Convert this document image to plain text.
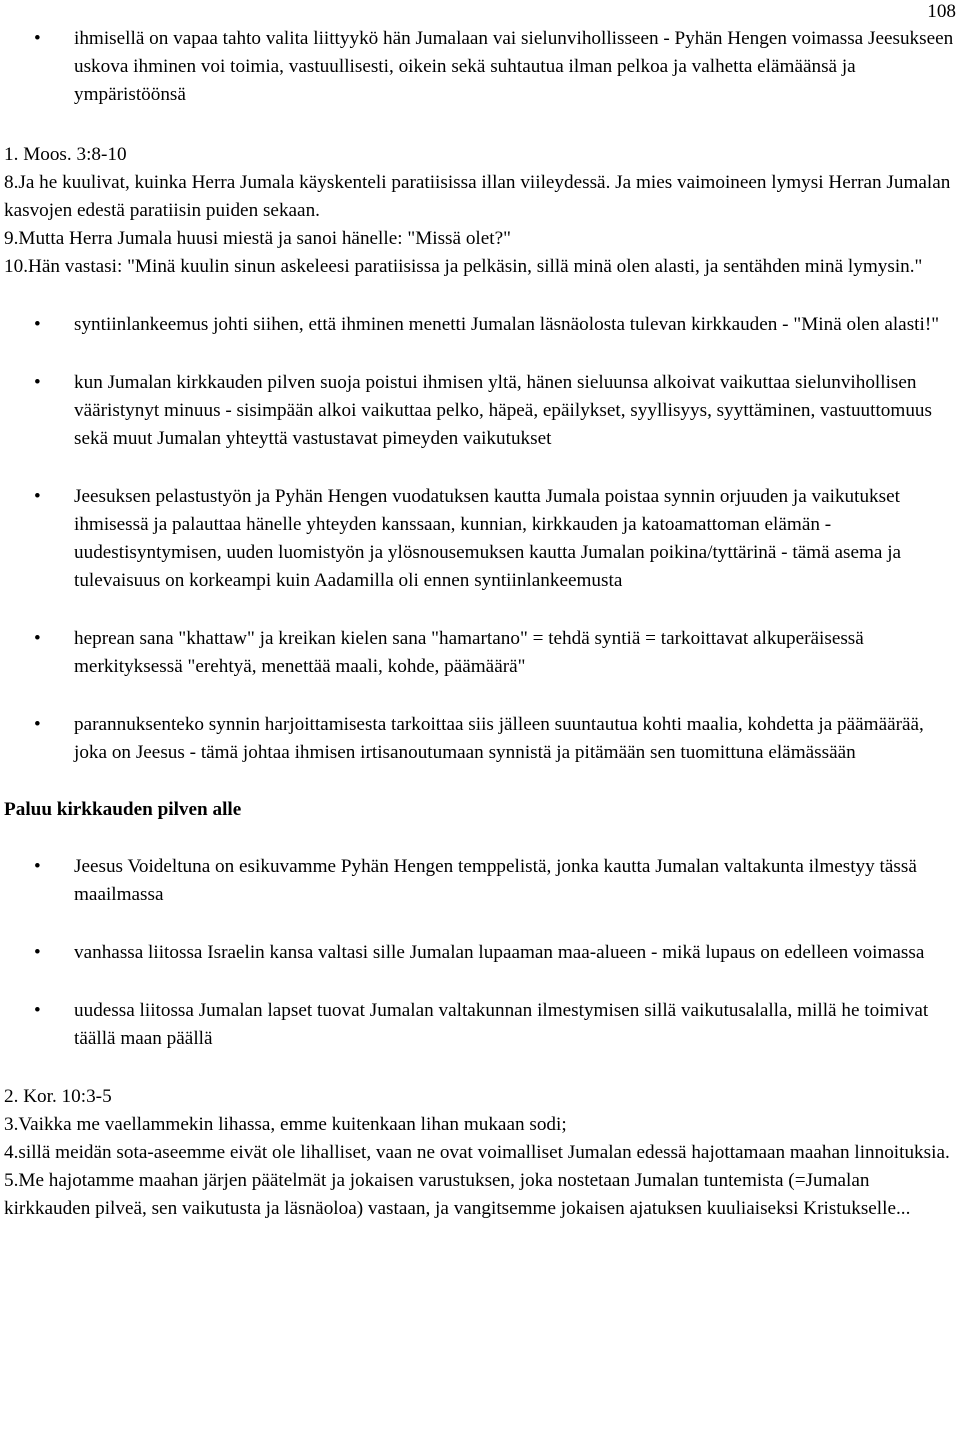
108
• ihmisellä on vapaa tahto valita liittyykö hän Jumalaan vai sielunvihollisseen - Pyhän Hengen voimassa Jeesukseen uskova ihminen voi toimia, vastuullisesti, oikein sekä suhtautua ilman pelkoa ja valhetta elämäänsä ja ympäristöönsä

1. Moos. 3:8-10

8.Ja he kuulivat, kuinka Herra Jumala käyskenteli paratiisissa illan viileydessä. Ja mies vaimoineen lymysi Herran Jumalan kasvojen edestä paratiisin puiden sekaan.

9.Mutta Herra Jumala huusi miestä ja sanoi hänelle: "Missä olet?"

10.Hän vastasi: "Minä kuulin sinun askeleesi paratiisissa ja pelkäsin, sillä minä olen alasti, ja sentähden minä lymysin."

• syntiinlankeemus johti siihen, että ihminen menetti Jumalan läsnäolosta tulevan kirkkauden - "Minä olen alasti!"
• kun Jumalan kirkkauden pilven suoja poistui ihmisen yltä, hänen sieluunsa alkoivat vaikuttaa sielunvihollisen vääristynyt minuus - sisimpään alkoi vaikuttaa pelko, häpeä, epäilykset, syyllisyys, syyttäminen, vastuuttomuus sekä muut Jumalan yhteyttä vastustavat pimeyden vaikutukset
• Jeesuksen pelastustyön ja Pyhän Hengen vuodatuksen kautta Jumala poistaa synnin orjuuden ja vaikutukset ihmisessä ja palauttaa hänelle yhteyden kanssaan, kunnian, kirkkauden ja katoamattoman elämän - uudestisyntymisen, uuden luomistyön ja ylösnousemuksen kautta Jumalan poikina/tyttärinä - tämä asema ja tulevaisuus on korkeampi kuin Aadamilla oli ennen syntiinlankeemusta
• heprean sana "khattaw" ja kreikan kielen sana "hamartano" = tehdä syntiä = tarkoittavat alkuperäisessä merkityksessä "erehtyä, menettää maali, kohde, päämäärä"
• parannuksenteko synnin harjoittamisesta tarkoittaa siis jälleen suuntautua kohti maalia, kohdetta ja päämäärää, joka on Jeesus - tämä johtaa ihmisen irtisanoutumaan synnistä ja pitämään sen tuomittuna elämässään

Paluu kirkkauden pilven alle

• Jeesus Voideltuna on esikuvamme Pyhän Hengen temppelistä, jonka kautta Jumalan valtakunta ilmestyy tässä maailmassa
• vanhassa liitossa Israelin kansa valtasi sille Jumalan lupaaman maa-alueen - mikä lupaus on edelleen voimassa
• uudessa liitossa Jumalan lapset tuovat Jumalan valtakunnan ilmestymisen sillä vaikutusalalla, millä he toimivat täällä maan päällä

2. Kor. 10:3-5

3.Vaikka me vaellammekin lihassa, emme kuitenkaan lihan mukaan sodi;

4.sillä meidän sota-aseemme eivät ole lihalliset, vaan ne ovat voimalliset Jumalan edessä hajottamaan maahan linnoituksia.

5.Me hajotamme maahan järjen päätelmät ja jokaisen varustuksen, joka nostetaan Jumalan tuntemista (=Jumalan kirkkauden pilveä, sen vaikutusta ja läsnäoloa) vastaan, ja vangitsemme jokaisen ajatuksen kuuliaiseksi Kristukselle...
